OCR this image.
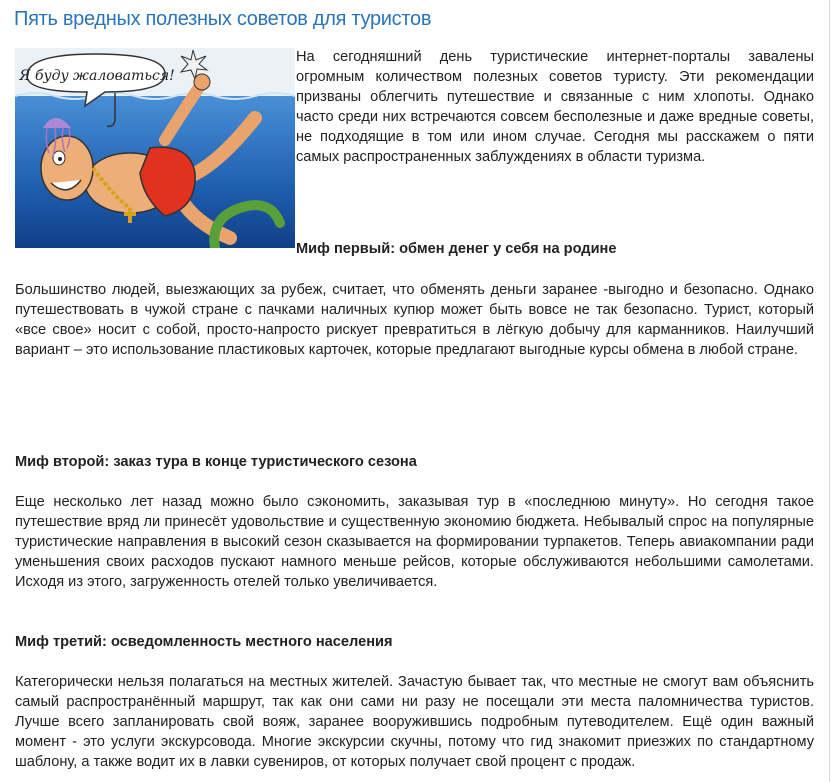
Пять вредных полезных советов для туристов
Я буду жаловаться!

На сегодняшний день туристические интернет-порталы завалены огромным количеством полезных советов туристу. Эти рекомендации призваны облегчить путешествие и связанные с ним хлопоты. Однако часто среди них встречаются совсем бесполезные и даже вредные советы, не подходящие в том или ином случае. Сегодня мы расскажем о пяти самых распространенных заблуждениях в области туризма.

Миф первый: обмен денег у себя на родине

Большинство людей, выезжающих за рубеж, считает, что обменять деньги заранее -выгодно и безопасно. Однако путешествовать в чужой стране с пачками наличных купюр может быть вовсе не так безопасно. Турист, который «все свое» носит с собой, просто-напросто рискует превратиться в лёгкую добычу для карманников. Наилучший вариант – это использование пластиковых карточек, которые предлагают выгодные курсы обмена в любой стране.

Миф второй: заказ тура в конце туристического сезона

Еще несколько лет назад можно было сэкономить, заказывая тур в «последнюю минуту». Но сегодня такое путешествие вряд ли принесёт удовольствие и существенную экономию бюджета. Небывалый спрос на популярные туристические направления в высокий сезон сказывается на формировании турпакетов. Теперь авиакомпании ради уменьшения своих расходов пускают намного меньше рейсов, которые обслуживаются небольшими самолетами. Исходя из этого, загруженность отелей только увеличивается.

Миф третий: осведомленность местного населения

Категорически нельзя полагаться на местных жителей. Зачастую бывает так, что местные не смогут вам объяснить самый распространённый маршрут, так как они сами ни разу не посещали эти места паломничества туристов. Лучше всего запланировать свой вояж, заранее вооружившись подробным путеводителем. Ещё один важный момент - это услуги экскурсовода. Многие экскурсии скучны, потому что гид знакомит приезжих по стандартному шаблону, а также водит их в лавки сувениров, от которых получает свой процент с продаж.
